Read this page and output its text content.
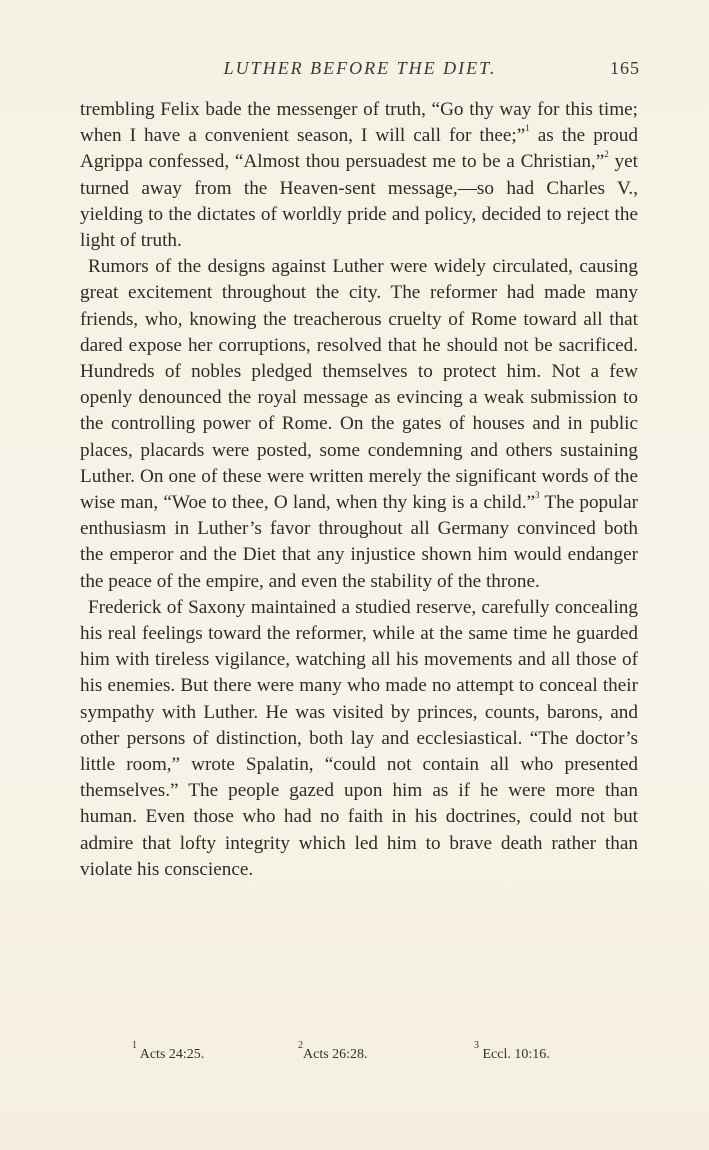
LUTHER BEFORE THE DIET.	165

trembling Felix bade the messenger of truth, “Go thy way for this time; when I have a convenient season, I will call for thee;”$^1$ as the proud Agrippa confessed, “Almost thou persuadest me to be a Christian,”$^2$ yet turned away from the Heaven-sent message,—so had Charles V., yielding to the dictates of worldly pride and policy, decided to reject the light of truth.

Rumors of the designs against Luther were widely circulated, causing great excitement throughout the city. The reformer had made many friends, who, knowing the treacherous cruelty of Rome toward all that dared expose her corruptions, resolved that he should not be sacrificed. Hundreds of nobles pledged themselves to protect him. Not a few openly denounced the royal message as evincing a weak submission to the controlling power of Rome. On the gates of houses and in public places, placards were posted, some condemning and others sustaining Luther. On one of these were written merely the significant words of the wise man, “Woe to thee, O land, when thy king is a child.”$^3$ The popular enthusiasm in Luther’s favor throughout all Germany convinced both the emperor and the Diet that any injustice shown him would endanger the peace of the empire, and even the stability of the throne.

Frederick of Saxony maintained a studied reserve, carefully concealing his real feelings toward the reformer, while at the same time he guarded him with tireless vigilance, watching all his movements and all those of his enemies. But there were many who made no attempt to conceal their sympathy with Luther. He was visited by princes, counts, barons, and other persons of distinction, both lay and ecclesiastical. “The doctor’s little room,” wrote Spalatin, “could not contain all who presented themselves.” The people gazed upon him as if he were more than human. Even those who had no faith in his doctrines, could not but admire that lofty integrity which led him to brave death rather than violate his conscience.

$^1$ Acts 24:25.
$^2$Acts 26:28.
$^3$ Eccl. 10:16.
